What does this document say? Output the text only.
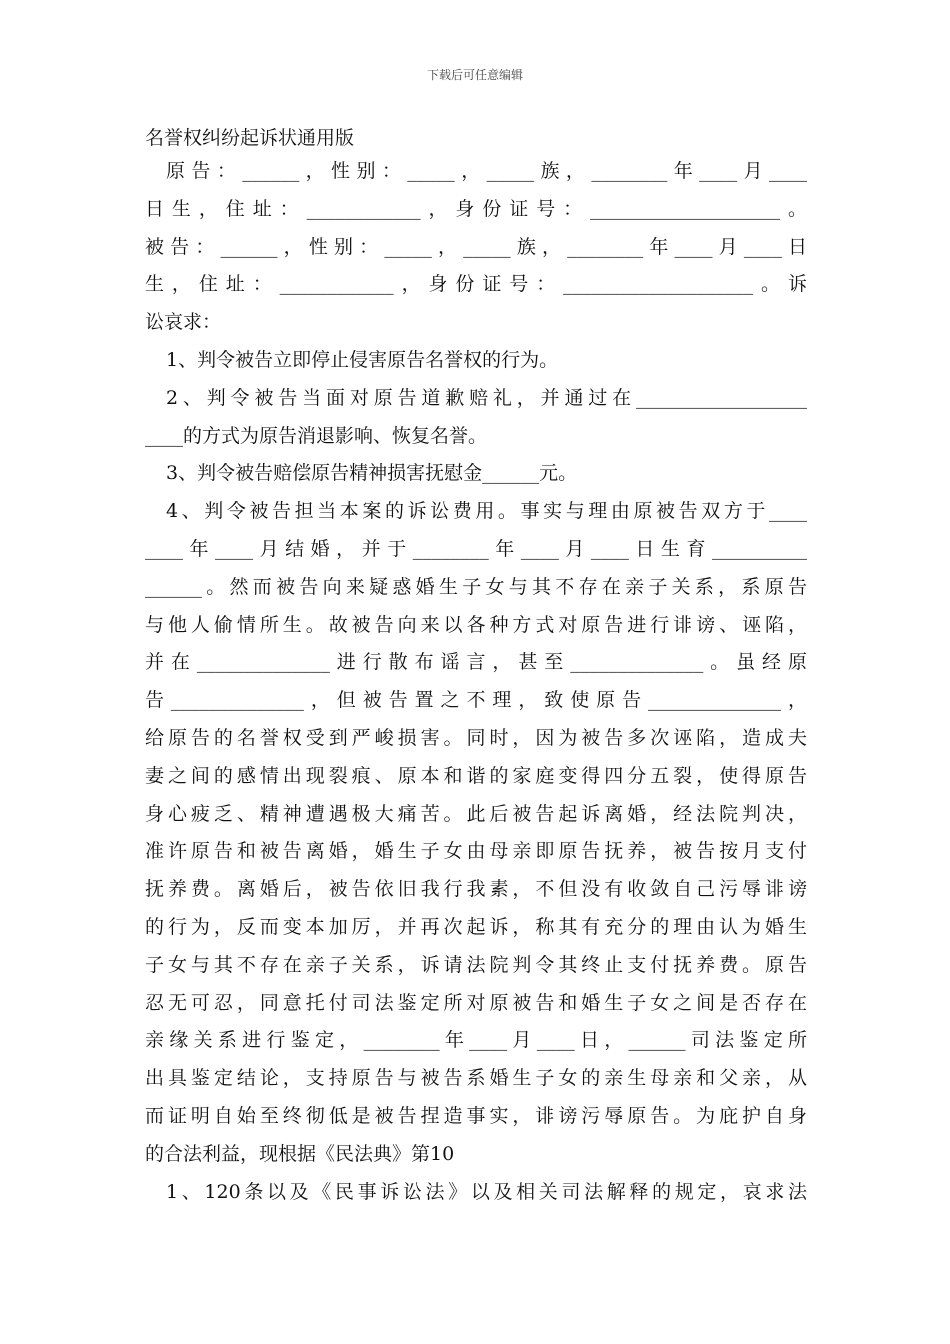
下载后可任意编辑
名誉权纠纷起诉状通用版

原告：______，性别：_____，_____族，________年____月____

日生，住址：____________，身份证号：____________________。

被告：______，性别：_____，_____族，________年____月____日

生，住址：____________，身份证号：____________________。诉

讼哀求：

1、判令被告立即停止侵害原告名誉权的行为。

2、判令被告当面对原告道歉赔礼，并通过在__________________

____的方式为原告消退影响、恢复名誉。

3、判令被告赔偿原告精神损害抚慰金______元。

4、判令被告担当本案的诉讼费用。事实与理由原被告双方于____

____年____月结婚，并于________年____月____日生育__________

______。然而被告向来疑惑婚生子女与其不存在亲子关系，系原告

与他人偷情所生。故被告向来以各种方式对原告进行诽谤、诬陷，

并在______________进行散布谣言，甚至______________。虽经原

告______________，但被告置之不理，致使原告______________，

给原告的名誉权受到严峻损害。同时，因为被告多次诬陷，造成夫

妻之间的感情出现裂痕、原本和谐的家庭变得四分五裂，使得原告

身心疲乏、精神遭遇极大痛苦。此后被告起诉离婚，经法院判决，

准许原告和被告离婚，婚生子女由母亲即原告抚养，被告按月支付

抚养费。离婚后，被告依旧我行我素，不但没有收敛自己污辱诽谤

的行为，反而变本加厉，并再次起诉，称其有充分的理由认为婚生

子女与其不存在亲子关系，诉请法院判令其终止支付抚养费。原告

忍无可忍，同意托付司法鉴定所对原被告和婚生子女之间是否存在

亲缘关系进行鉴定，________年____月____日，______司法鉴定所

出具鉴定结论，支持原告与被告系婚生子女的亲生母亲和父亲，从

而证明自始至终彻低是被告捏造事实，诽谤污辱原告。为庇护自身

的合法利益，现根据《民法典》第10

1、120条以及《民事诉讼法》以及相关司法解释的规定，哀求法
